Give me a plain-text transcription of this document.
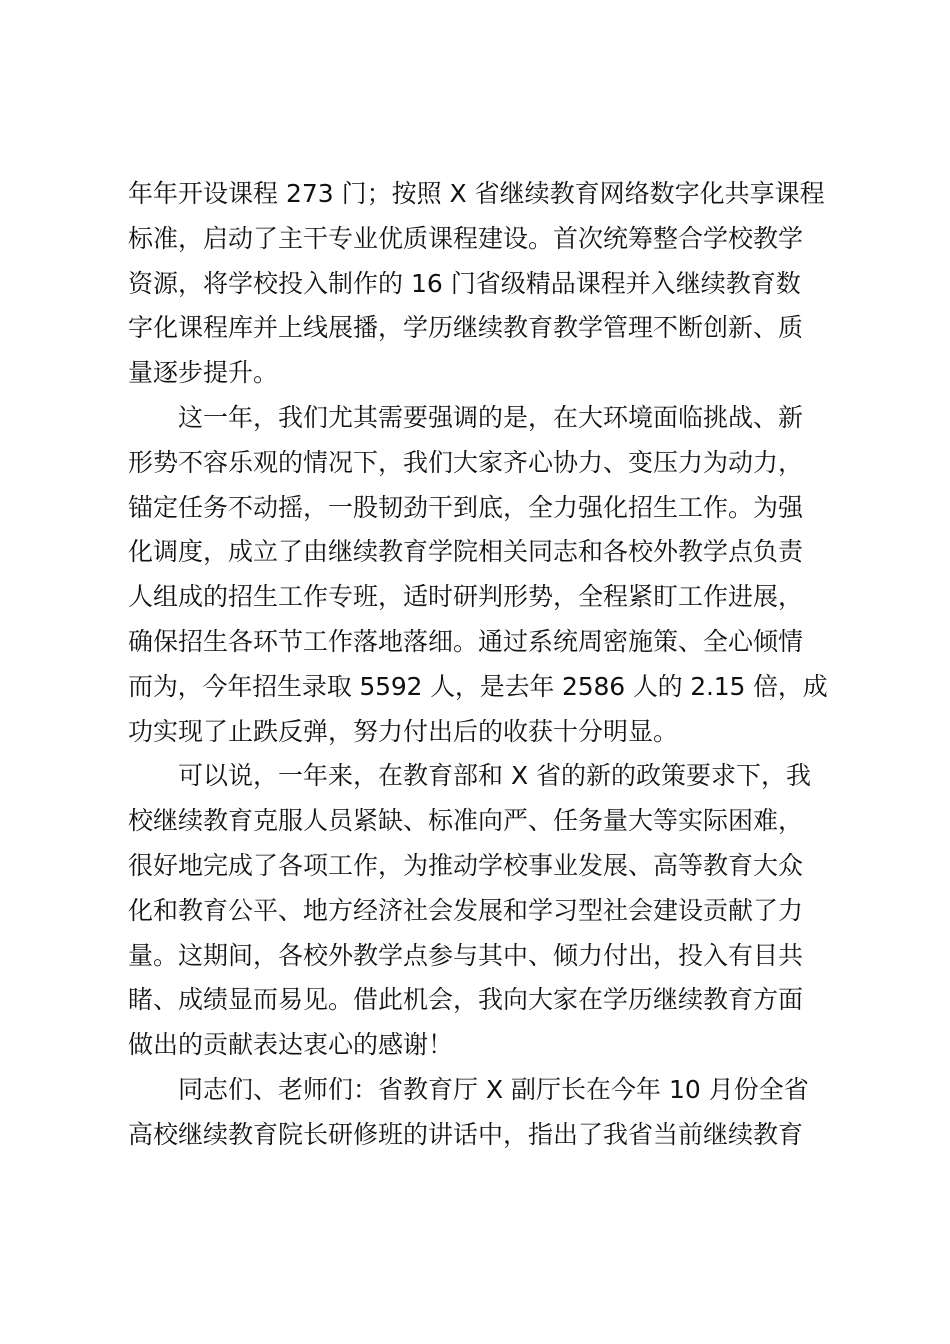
年年开设课程 273 门；按照 X 省继续教育网络数字化共享课程
标准，启动了主干专业优质课程建设。首次统筹整合学校教学
资源，将学校投入制作的 16 门省级精品课程并入继续教育数
字化课程库并上线展播，学历继续教育教学管理不断创新、质
量逐步提升。
这一年，我们尤其需要强调的是，在大环境面临挑战、新
形势不容乐观的情况下，我们大家齐心协力、变压力为动力，
锚定任务不动摇，一股韧劲干到底，全力强化招生工作。为强
化调度，成立了由继续教育学院相关同志和各校外教学点负责
人组成的招生工作专班，适时研判形势，全程紧盯工作进展，
确保招生各环节工作落地落细。通过系统周密施策、全心倾情
而为，今年招生录取 5592 人，是去年 2586 人的 2.15 倍，成
功实现了止跌反弹，努力付出后的收获十分明显。
可以说，一年来，在教育部和 X 省的新的政策要求下，我
校继续教育克服人员紧缺、标准向严、任务量大等实际困难，
很好地完成了各项工作，为推动学校事业发展、高等教育大众
化和教育公平、地方经济社会发展和学习型社会建设贡献了力
量。这期间，各校外教学点参与其中、倾力付出，投入有目共
睹、成绩显而易见。借此机会，我向大家在学历继续教育方面
做出的贡献表达衷心的感谢！
同志们、老师们：省教育厅 X 副厅长在今年 10 月份全省
高校继续教育院长研修班的讲话中，指出了我省当前继续教育
